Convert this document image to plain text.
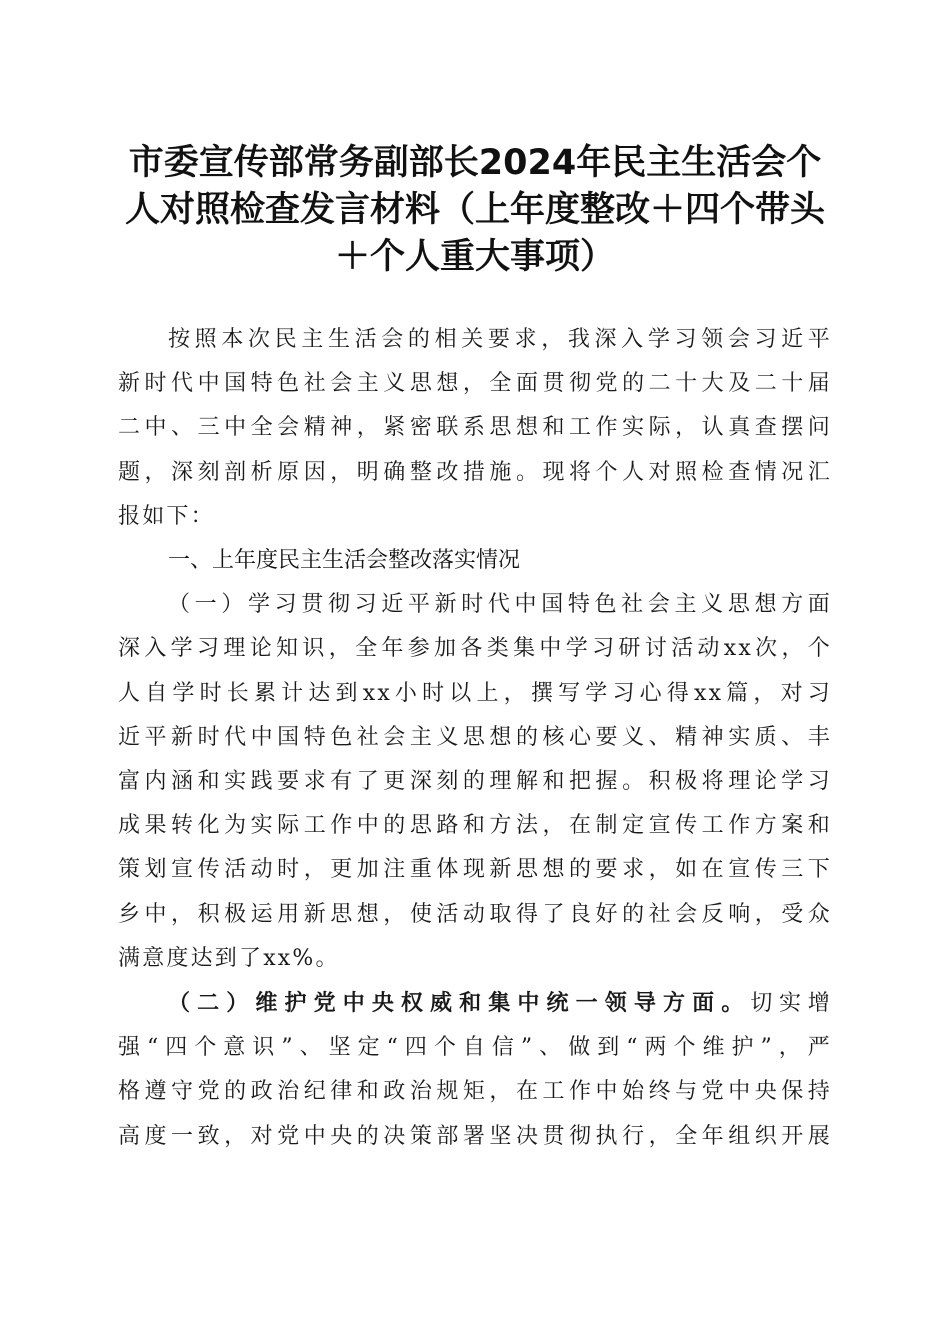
市委宣传部常务副部长2024年民主生活会个
人对照检查发言材料（上年度整改＋四个带头
＋个人重大事项）

按照本次民主生活会的相关要求，我深入学习领会习近平
新时代中国特色社会主义思想，全面贯彻党的二十大及二十届
二中、三中全会精神，紧密联系思想和工作实际，认真查摆问
题，深刻剖析原因，明确整改措施。现将个人对照检查情况汇
报如下：

一、上年度民主生活会整改落实情况

（一）学习贯彻习近平新时代中国特色社会主义思想方面
深入学习理论知识，全年参加各类集中学习研讨活动xx次，个
人自学时长累计达到xx小时以上，撰写学习心得xx篇，对习
近平新时代中国特色社会主义思想的核心要义、精神实质、丰
富内涵和实践要求有了更深刻的理解和把握。积极将理论学习
成果转化为实际工作中的思路和方法，在制定宣传工作方案和
策划宣传活动时，更加注重体现新思想的要求，如在宣传三下
乡中，积极运用新思想，使活动取得了良好的社会反响，受众
满意度达到了xx%。

（二）维护党中央权威和集中统一领导方面。切实增
强“四个意识”、坚定“四个自信”、做到“两个维护”，严
格遵守党的政治纪律和政治规矩，在工作中始终与党中央保持
高度一致，对党中央的决策部署坚决贯彻执行，全年组织开展
